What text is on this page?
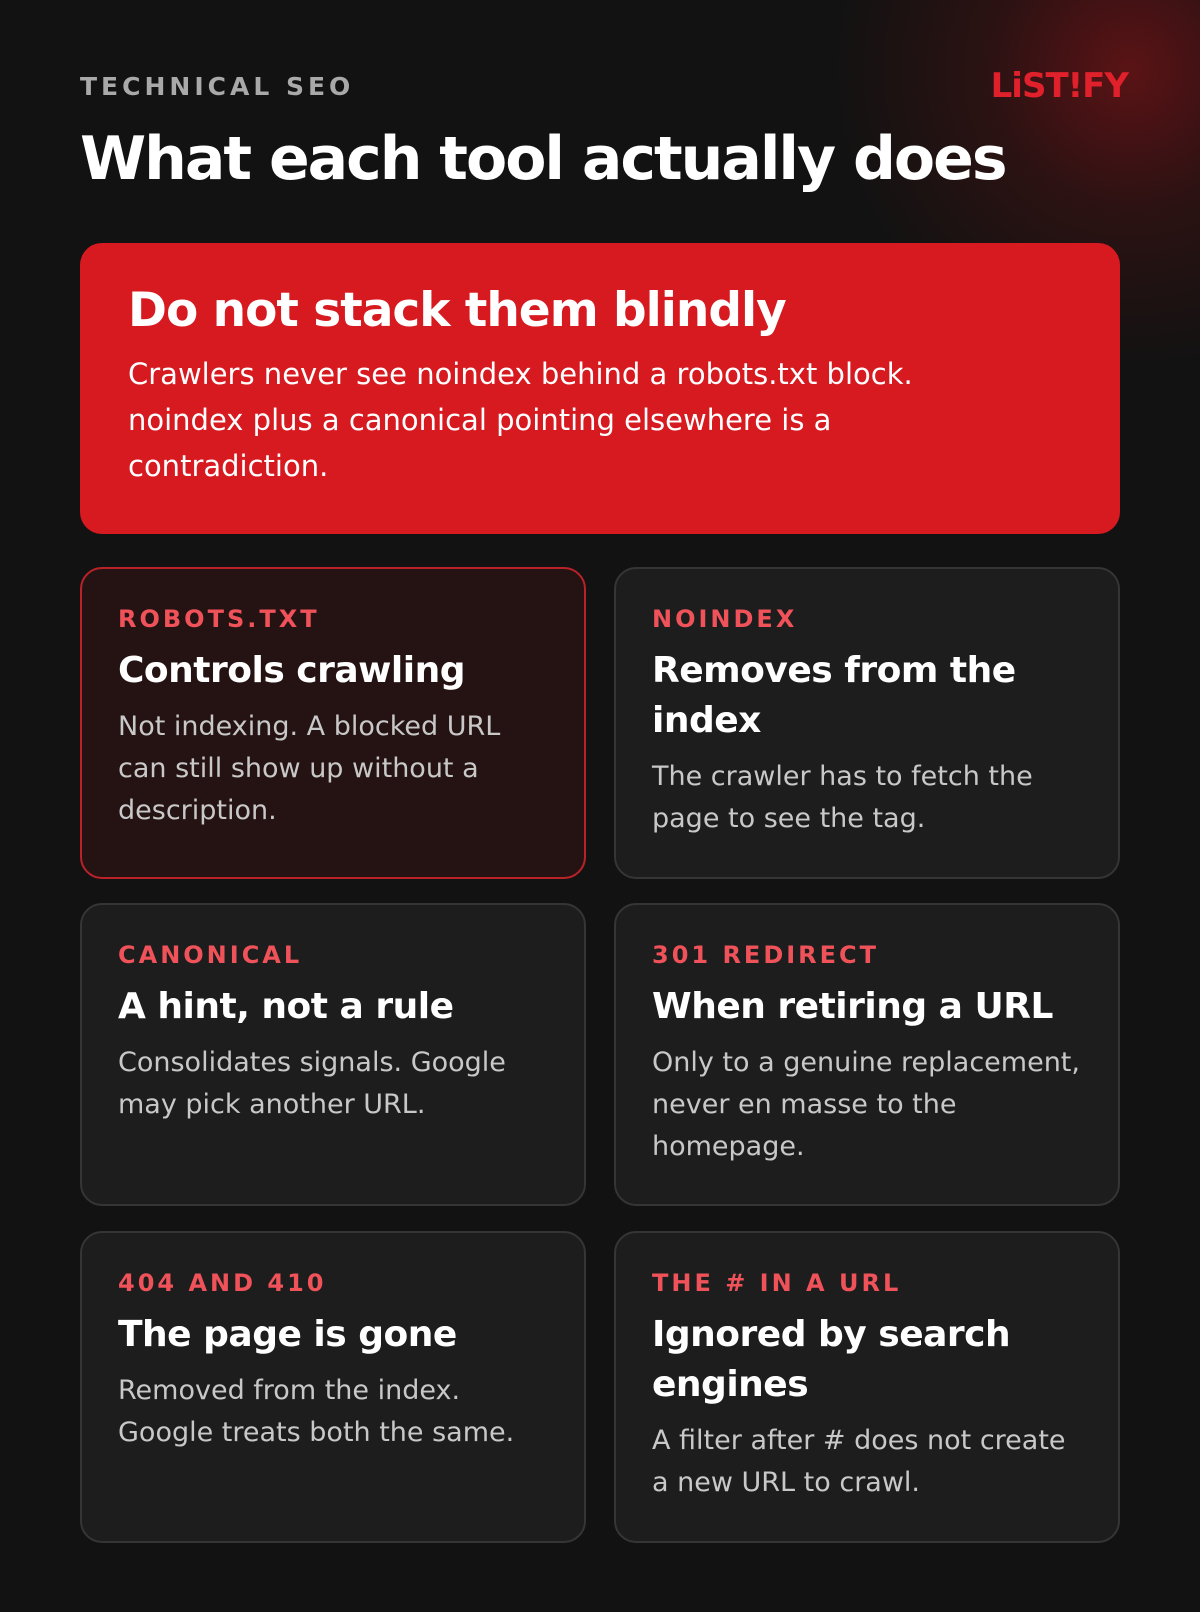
TECHNICAL SEO	LiST!FY
What each tool actually does
Do not stack them blindly

Crawlers never see noindex behind a robots.txt block. noindex plus a canonical pointing elsewhere is a contradiction.

ROBOTS.TXT
Controls crawling

Not indexing. A blocked URL can still show up without a description.

NOINDEX
Removes from the index

The crawler has to fetch the page to see the tag.

CANONICAL
A hint, not a rule

Consolidates signals. Google may pick another URL.

301 REDIRECT
When retiring a URL

Only to a genuine replacement, never en masse to the homepage.

404 AND 410
The page is gone

Removed from the index. Google treats both the same.

THE # IN A URL
Ignored by search engines

A filter after # does not create a new URL to crawl.
